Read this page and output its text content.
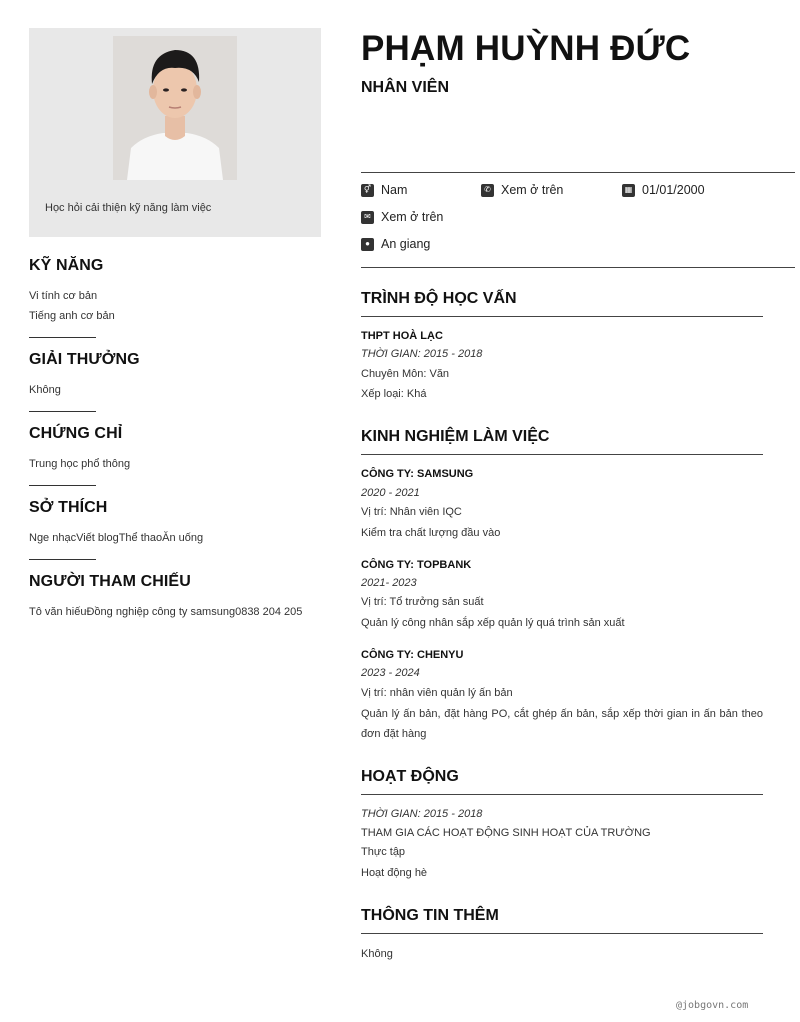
Học hỏi cải thiện kỹ năng làm việc
KỸ NĂNG
Vi tính cơ bản
Tiếng anh cơ bản
GIẢI THƯỞNG
Không
CHỨNG CHỈ
Trung học phổ thông
SỞ THÍCH
Nge nhạcViết blogThể thaoĂn uống
NGƯỜI THAM CHIẾU
Tô văn hiếuĐồng nghiệp công ty samsung0838 204 205
PHẠM HUỲNH ĐỨC
NHÂN VIÊN
⚥ Nam	✆ Xem ở trên	▦ 01/01/2000
✉ Xem ở trên
● An giang
TRÌNH ĐỘ HỌC VẤN
THPT HOÀ LẠC
THỜI GIAN: 2015 - 2018
Chuyên Môn: Văn
Xếp loại: Khá
KINH NGHIỆM LÀM VIỆC
CÔNG TY: SAMSUNG
2020 - 2021
Vị trí: Nhân viên IQC
Kiểm tra chất lượng đầu vào
CÔNG TY: TOPBANK
2021- 2023
Vị trí: Tổ trưởng sản suất
Quản lý công nhân sắp xếp quản lý quá trình sản xuất
CÔNG TY: CHENYU
2023 - 2024
Vị trí: nhân viên quản lý ấn bản
Quản lý ấn bản, đặt hàng PO, cắt ghép ấn bản, sắp xếp thời gian in ấn bản theo đơn đặt hàng
HOẠT ĐỘNG
THỜI GIAN: 2015 - 2018
THAM GIA CÁC HOẠT ĐỘNG SINH HOẠT CỦA TRƯỜNG
Thực tập
Hoạt động hè
THÔNG TIN THÊM
Không
@jobgovn.com
